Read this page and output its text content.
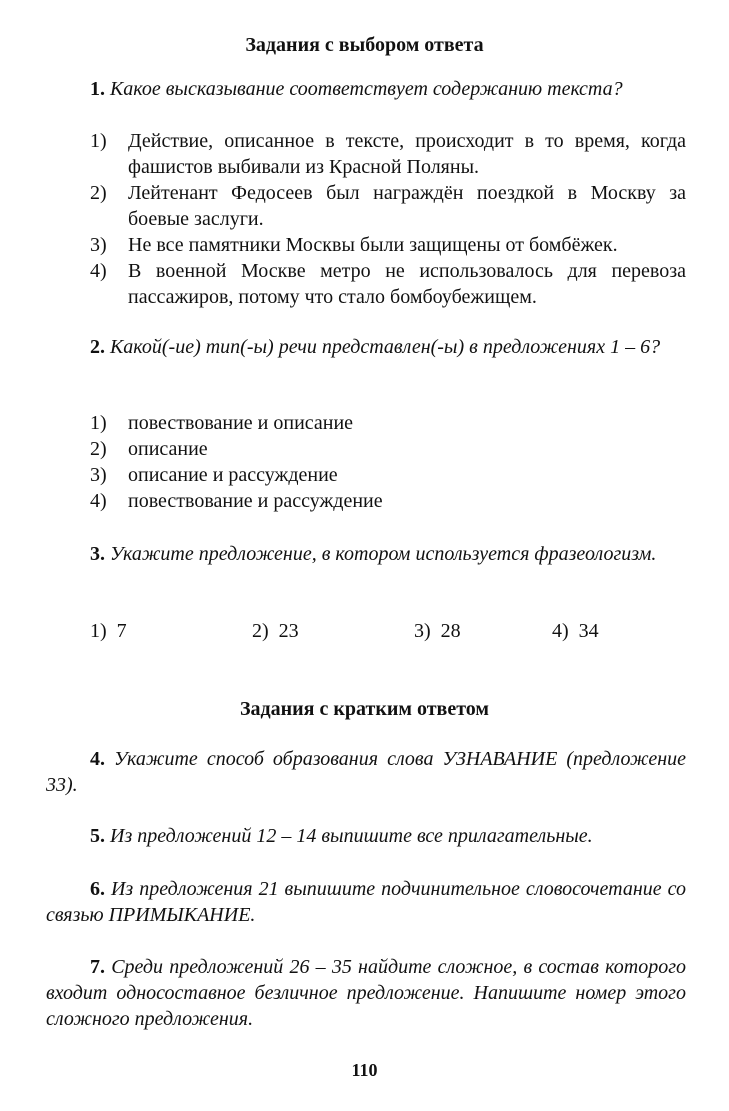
Задания с выбором ответа
1. Какое высказывание соответствует содержанию текста?
1) Действие, описанное в тексте, происходит в то время, когда фашистов выбивали из Красной Поляны.
2) Лейтенант Федосеев был награждён поездкой в Москву за боевые заслуги.
3) Не все памятники Москвы были защищены от бомбёжек.
4) В военной Москве метро не использовалось для перевоза пассажиров, потому что стало бомбоубежищем.
2. Какой(-ие) тип(-ы) речи представлен(-ы) в предложениях 1 – 6?
1) повествование и описание
2) описание
3) описание и рассуждение
4) повествование и рассуждение
3. Укажите предложение, в котором используется фразеологизм.
1) 7	2) 23	3) 28	4) 34
Задания с кратким ответом
4. Укажите способ образования слова УЗНАВАНИЕ (предложение 33).
5. Из предложений 12 – 14 выпишите все прилагательные.
6. Из предложения 21 выпишите подчинительное словосочетание со связью ПРИМЫКАНИЕ.
7. Среди предложений 26 – 35 найдите сложное, в состав которого входит односоставное безличное предложение. Напишите номер этого сложного предложения.
110
